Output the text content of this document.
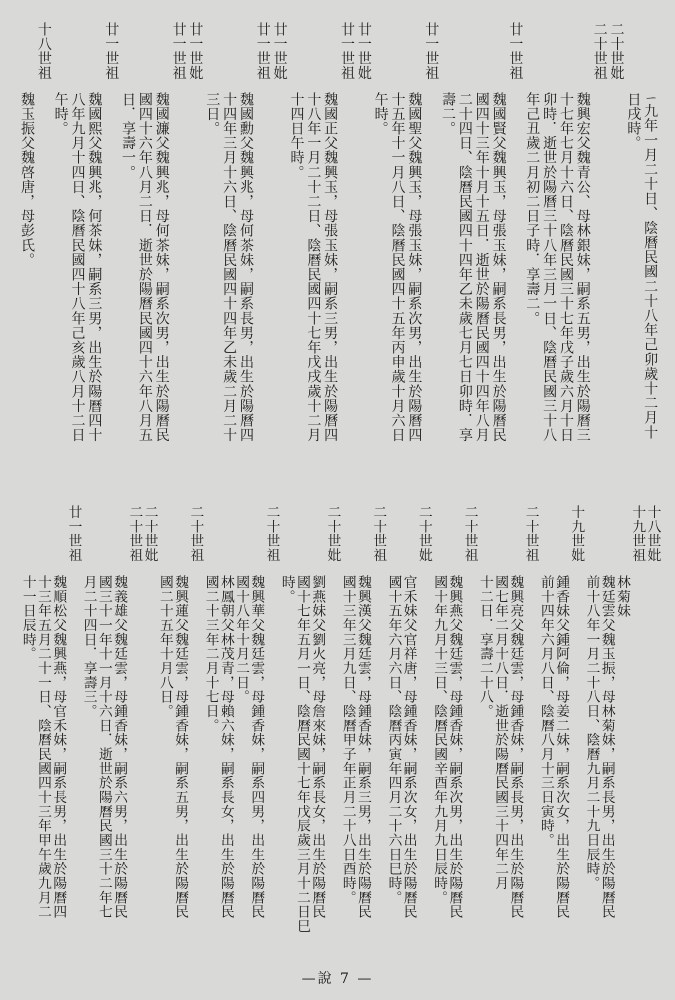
—說 7 —
ㄧ九年一月二十日、陰曆民國二十八年己卯歲十二月十
日戌時。
二十世妣
二十世祖
魏興宏父魏青公、母林銀妹，嗣系五男，出生於陽曆三
十七年七月十六日、陰曆民國三十七年戊子歲六月十日
卯時．逝世於陽曆三十八年三月一日、陰曆民國三十八
年己丑歲二月初二日子時．享壽二。
廿一世祖
魏國賢父魏興玉，母張玉妹，嗣系長男，出生於陽曆民
國四十三年十月十五日．逝世於陽曆民國四十四年八月
二十四日、陰曆民國四十四年乙未歲七月七日卯時．享
壽二。
廿一世祖
魏國聖父魏興玉，母張玉妹，嗣系次男，出生於陽曆四
十五年十一月八日、陰曆民國四十五年丙申歲十月六日
午時。
廿一世妣
廿一世祖
魏國正父魏興玉，母張玉妹，嗣系三男，出生於陽曆四
十八年一月二十二日、陰曆民國四十七年戊戌歲十二月
十四日午時。
廿一世妣
廿一世祖
魏國勳父魏興兆，母何茶妹，嗣系長男，出生於陽曆四
十四年三月十六日、陰曆民國四十四年乙未歲二月二十
三日。
廿一世妣
廿一世祖
魏國濂父魏興兆，母何茶妹，嗣系次男，出生於陽曆民
國四十六年八月二日．逝世於陽曆民國四十六年八月五
日．享壽一。
廿一世祖
魏國熙父魏興兆，何茶妹，嗣系三男，出生於陽曆四十
八年九月十四日、陰曆民國四十八年己亥歲八月十二日
午時。
十八世祖
魏玉振父魏啓唐，母彭氏。
十八世妣
十九世祖
林菊妹
魏廷雲父魏玉振，母林菊妹，嗣系長男，出生於陽曆民
前十八年一月二十八日、陰曆九月二十九日辰時。
十九世妣
鍾香妹父鍾阿倫，母姜二妹，嗣系次女，出生於陽曆民
前十四年六月八日、陰曆八月十三日寅時。
二十世祖
魏興亮父魏廷雲，母鍾香妹，嗣系長男，出生於陽曆民
國七年二月十八日．逝世於陽曆民國三十四年二月
十二日．享壽二十八。
二十世祖
魏興燕父魏廷雲，母鍾香妹，嗣系次男，出生於陽曆民
國十年九月十三日、陰曆民國辛酉年九月九日辰時。
二十世妣
官禾妹父官祥唐，母鍾香妹，嗣系次女，出生於陽曆民
國十五年六月六日、陰曆丙寅年四月二十六日巳時。
二十世祖
魏興漢父魏廷雲，母鍾香妹，嗣系三男，出生於陽曆民
國十三年三月九日、陰曆甲子年正月二十八日酉時。
二十世妣
劉燕妹父劉火亮，母詹來妹，嗣系長女，出生於陽曆民
國十七年五月一日、陰曆民國十七年戊辰歲三月十二日巳
時。
二十世祖
魏興華父魏廷雲，母鍾香妹，嗣系四男，出生於陽曆民
國十八年十月二日。
林鳳朝父林茂青，母賴六妹，嗣系長女，出生於陽曆民
國二十三年二月十七日。
二十世祖
魏興蓮父魏廷雲，母鍾香妹，嗣系五男，出生於陽曆民
國二十五年十月八日。
二十世妣
二十世祖
魏義雄父魏廷雲，母鍾香妹，嗣系六男，出生於陽曆民
國三十一年十一月十六日．逝世於陽曆民國三十二年七
月二十四日．享壽三。
廿一世祖
魏順松父魏興燕，母官禾妹，嗣系長男，出生於陽曆四
十三年五月二十一日、陰曆民國四十三年甲午歲九月二
十一日辰時。
